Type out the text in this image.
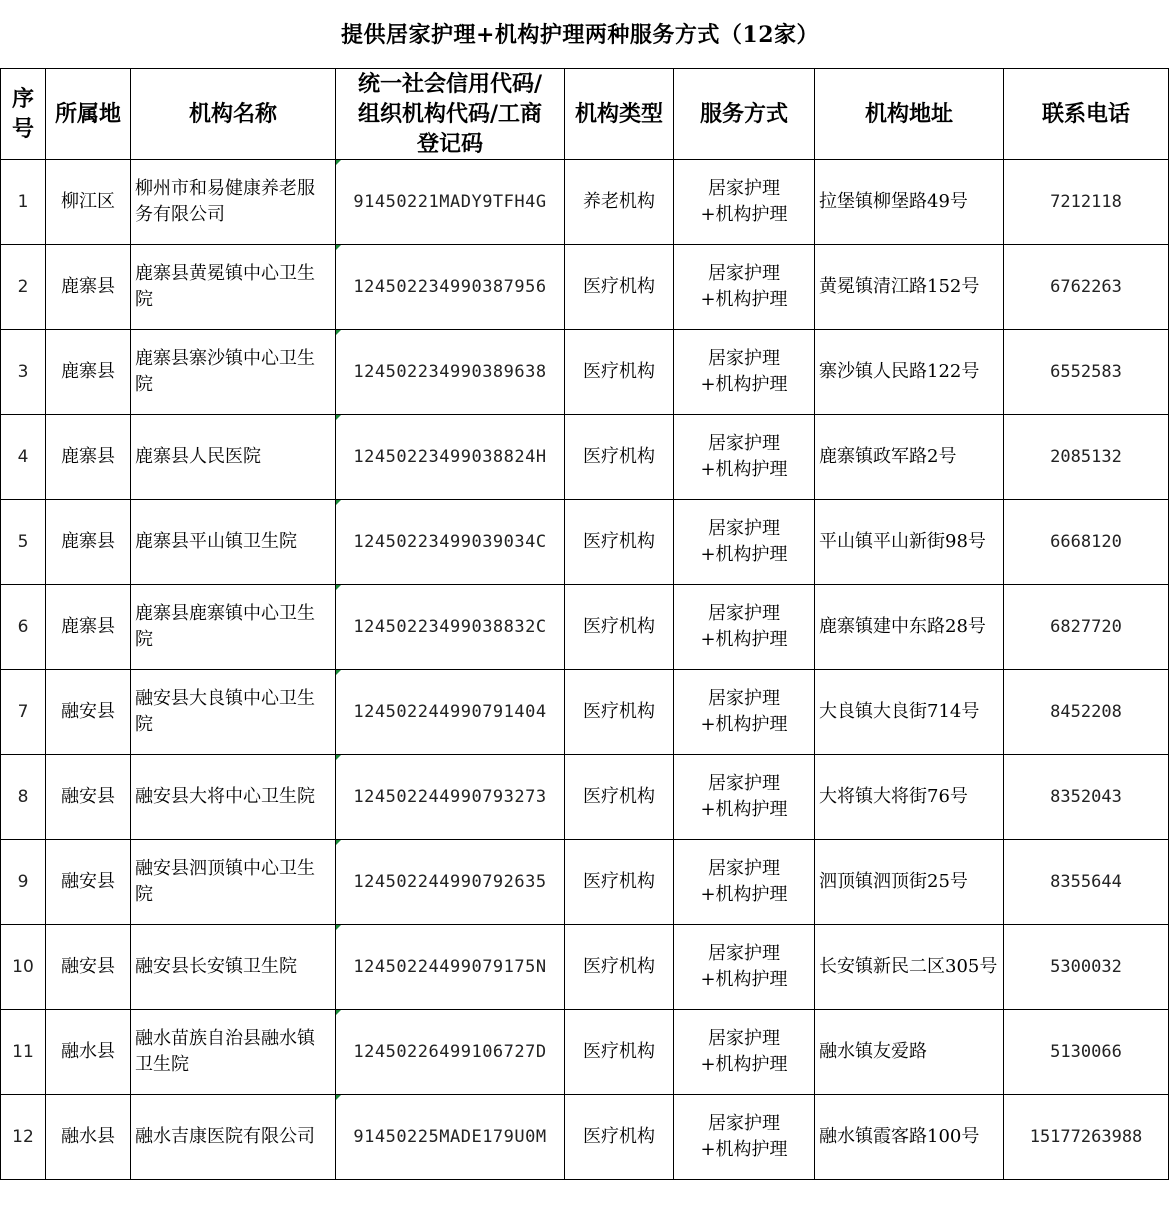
提供居家护理+机构护理两种服务方式（12家）
序号	所属地	机构名称	统一社会信用代码/组织机构代码/工商登记码	机构类型	服务方式	机构地址	联系电话
1	柳江区	柳州市和易健康养老服务有限公司	91450221MADY9TFH4G	养老机构	居家护理+机构护理	拉堡镇柳堡路49号	7212118
2	鹿寨县	鹿寨县黄冕镇中心卫生院	124502234990387956	医疗机构	居家护理+机构护理	黄冕镇清江路152号	6762263
3	鹿寨县	鹿寨县寨沙镇中心卫生院	124502234990389638	医疗机构	居家护理+机构护理	寨沙镇人民路122号	6552583
4	鹿寨县	鹿寨县人民医院	12450223499038824H	医疗机构	居家护理+机构护理	鹿寨镇政军路2号	2085132
5	鹿寨县	鹿寨县平山镇卫生院	12450223499039034C	医疗机构	居家护理+机构护理	平山镇平山新街98号	6668120
6	鹿寨县	鹿寨县鹿寨镇中心卫生院	12450223499038832C	医疗机构	居家护理+机构护理	鹿寨镇建中东路28号	6827720
7	融安县	融安县大良镇中心卫生院	124502244990791404	医疗机构	居家护理+机构护理	大良镇大良街714号	8452208
8	融安县	融安县大将中心卫生院	124502244990793273	医疗机构	居家护理+机构护理	大将镇大将街76号	8352043
9	融安县	融安县泗顶镇中心卫生院	124502244990792635	医疗机构	居家护理+机构护理	泗顶镇泗顶街25号	8355644
10	融安县	融安县长安镇卫生院	12450224499079175N	医疗机构	居家护理+机构护理	长安镇新民二区305号	5300032
11	融水县	融水苗族自治县融水镇卫生院	12450226499106727D	医疗机构	居家护理+机构护理	融水镇友爱路	5130066
12	融水县	融水吉康医院有限公司	91450225MADE179U0M	医疗机构	居家护理+机构护理	融水镇霞客路100号	15177263988
